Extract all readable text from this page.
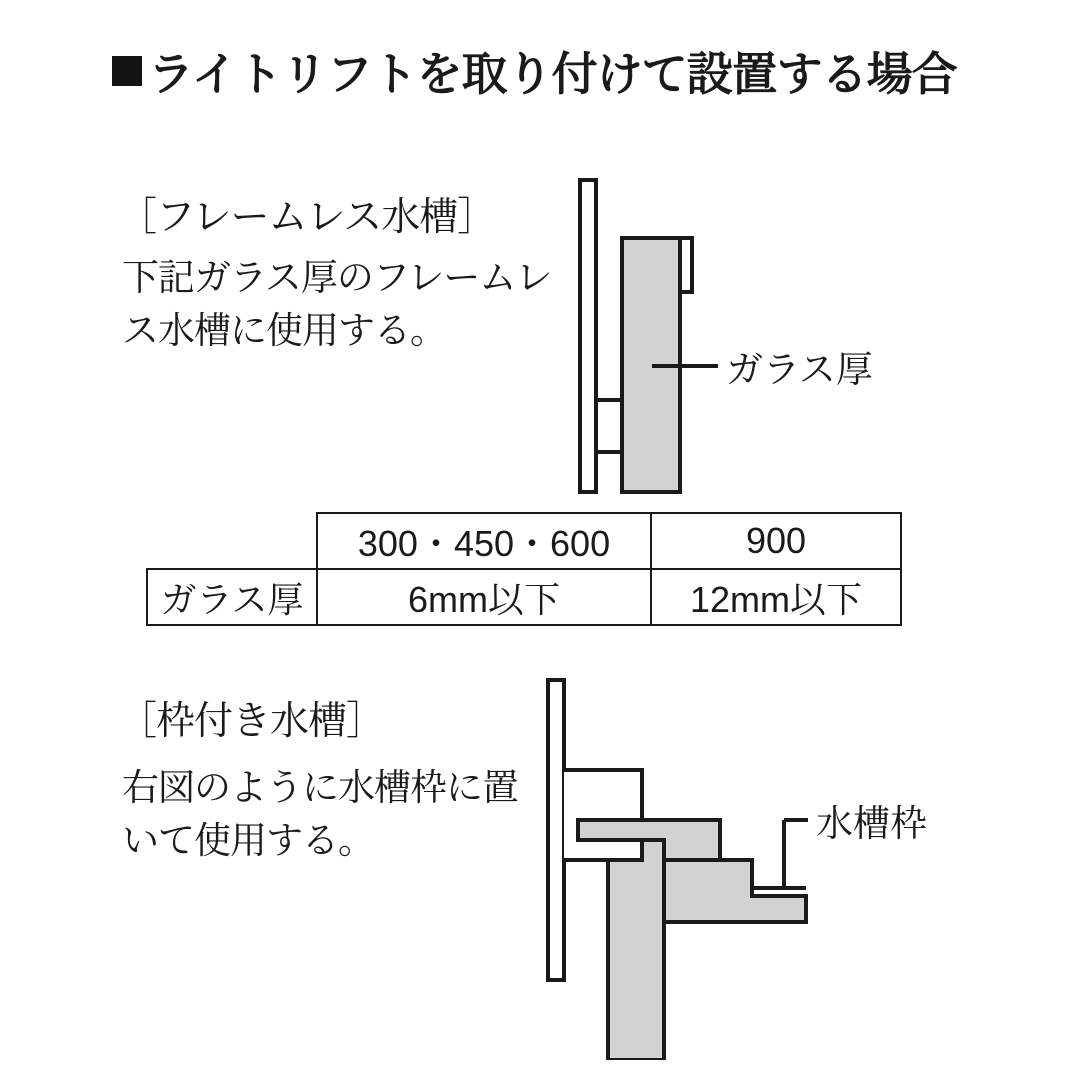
ライトリフトを取り付けて設置する場合
［フレームレス水槽］
下記ガラス厚のフレームレス水槽に使用する。
ガラス厚
	300・450・600	900
ガラス厚	6mm以下	12mm以下
［枠付き水槽］
右図のように水槽枠に置いて使用する。	水槽枠
